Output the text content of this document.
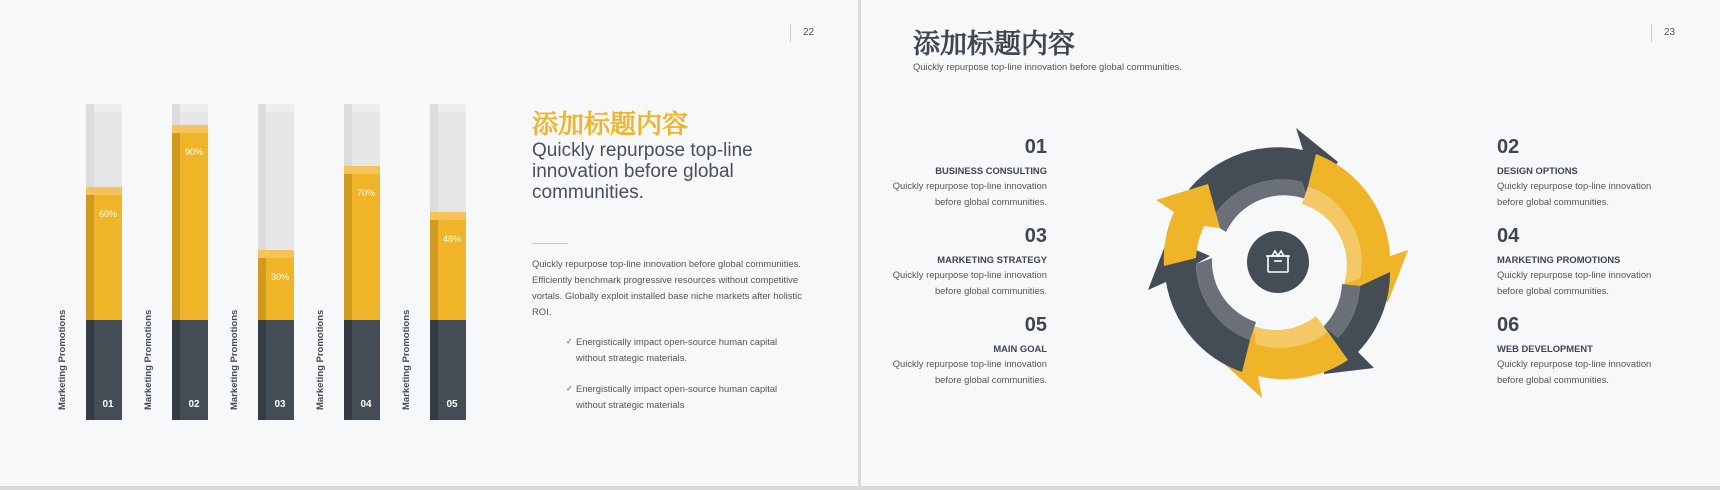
22
60%
01
Marketing Promotions
90%
02
Marketing Promotions
30%
03
Marketing Promotions
70%
04
Marketing Promotions
48%
05
Marketing Promotions
添加标题内容
Quickly repurpose top-line innovation before global communities.
Quickly repurpose top-line innovation before global communities. Efficiently benchmark progressive resources without competitive vortals. Globally exploit installed base niche markets after holistic ROI.
✓ Energistically impact open-source human capital without strategic materials.
✓ Energistically impact open-source human capital without strategic materials
23
添加标题内容
Quickly repurpose top-line innovation before global communities.
01
BUSINESS CONSULTING
Quickly repurpose top-line innovation before global communities.
03
MARKETING STRATEGY
Quickly repurpose top-line innovation before global communities.
05
MAIN GOAL
Quickly repurpose top-line innovation before global communities.
02
DESIGN OPTIONS
Quickly repurpose top-line innovation before global communities.
04
MARKETING PROMOTIONS
Quickly repurpose top-line innovation before global communities.
06
WEB DEVELOPMENT
Quickly repurpose top-line innovation before global communities.
